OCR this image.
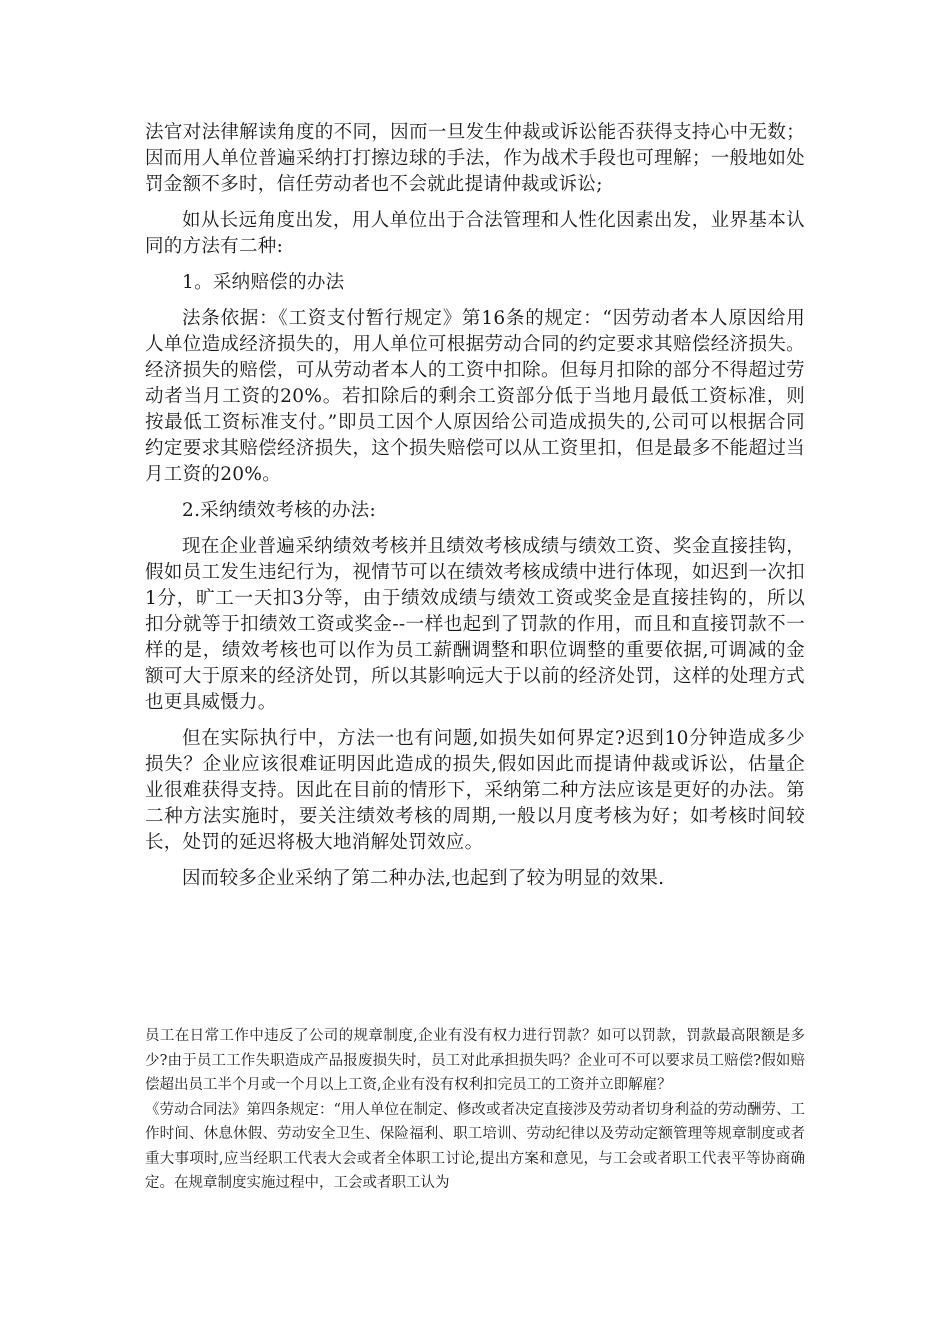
法官对法律解读角度的不同，因而一旦发生仲裁或诉讼能否获得支持心中无数；因而用人单位普遍采纳打打擦边球的手法，作为战术手段也可理解；一般地如处罚金额不多时，信任劳动者也不会就此提请仲裁或诉讼;

如从长远角度出发，用人单位出于合法管理和人性化因素出发，业界基本认同的方法有二种:

1。采纳赔偿的办法

法条依据：《工资支付暂行规定》第16条的规定：“因劳动者本人原因给用人单位造成经济损失的，用人单位可根据劳动合同的约定要求其赔偿经济损失。经济损失的赔偿，可从劳动者本人的工资中扣除。但每月扣除的部分不得超过劳动者当月工资的20%。若扣除后的剩余工资部分低于当地月最低工资标准，则按最低工资标准支付。”即员工因个人原因给公司造成损失的,公司可以根据合同约定要求其赔偿经济损失，这个损失赔偿可以从工资里扣，但是最多不能超过当月工资的20%。

2.采纳绩效考核的办法:

现在企业普遍采纳绩效考核并且绩效考核成绩与绩效工资、奖金直接挂钩，假如员工发生违纪行为，视情节可以在绩效考核成绩中进行体现，如迟到一次扣1分，旷工一天扣3分等，由于绩效成绩与绩效工资或奖金是直接挂钩的，所以扣分就等于扣绩效工资或奖金--一样也起到了罚款的作用，而且和直接罚款不一样的是，绩效考核也可以作为员工薪酬调整和职位调整的重要依据,可调减的金额可大于原来的经济处罚，所以其影响远大于以前的经济处罚，这样的处理方式也更具威慑力。

但在实际执行中，方法一也有问题,如损失如何界定?迟到10分钟造成多少损失？企业应该很难证明因此造成的损失,假如因此而提请仲裁或诉讼，估量企业很难获得支持。因此在目前的情形下，采纳第二种方法应该是更好的办法。第二种方法实施时，要关注绩效考核的周期,一般以月度考核为好；如考核时间较长，处罚的延迟将极大地消解处罚效应。

因而较多企业采纳了第二种办法,也起到了较为明显的效果.

员工在日常工作中违反了公司的规章制度,企业有没有权力进行罚款？如可以罚款，罚款最高限额是多少?由于员工工作失职造成产品报废损失时，员工对此承担损失吗？企业可不可以要求员工赔偿?假如赔偿超出员工半个月或一个月以上工资,企业有没有权利扣完员工的工资并立即解雇？

《劳动合同法》第四条规定：“用人单位在制定、修改或者决定直接涉及劳动者切身利益的劳动酬劳、工作时间、休息休假、劳动安全卫生、保险福利、职工培训、劳动纪律以及劳动定额管理等规章制度或者重大事项时,应当经职工代表大会或者全体职工讨论,提出方案和意见，与工会或者职工代表平等协商确定。在规章制度实施过程中，工会或者职工认为
